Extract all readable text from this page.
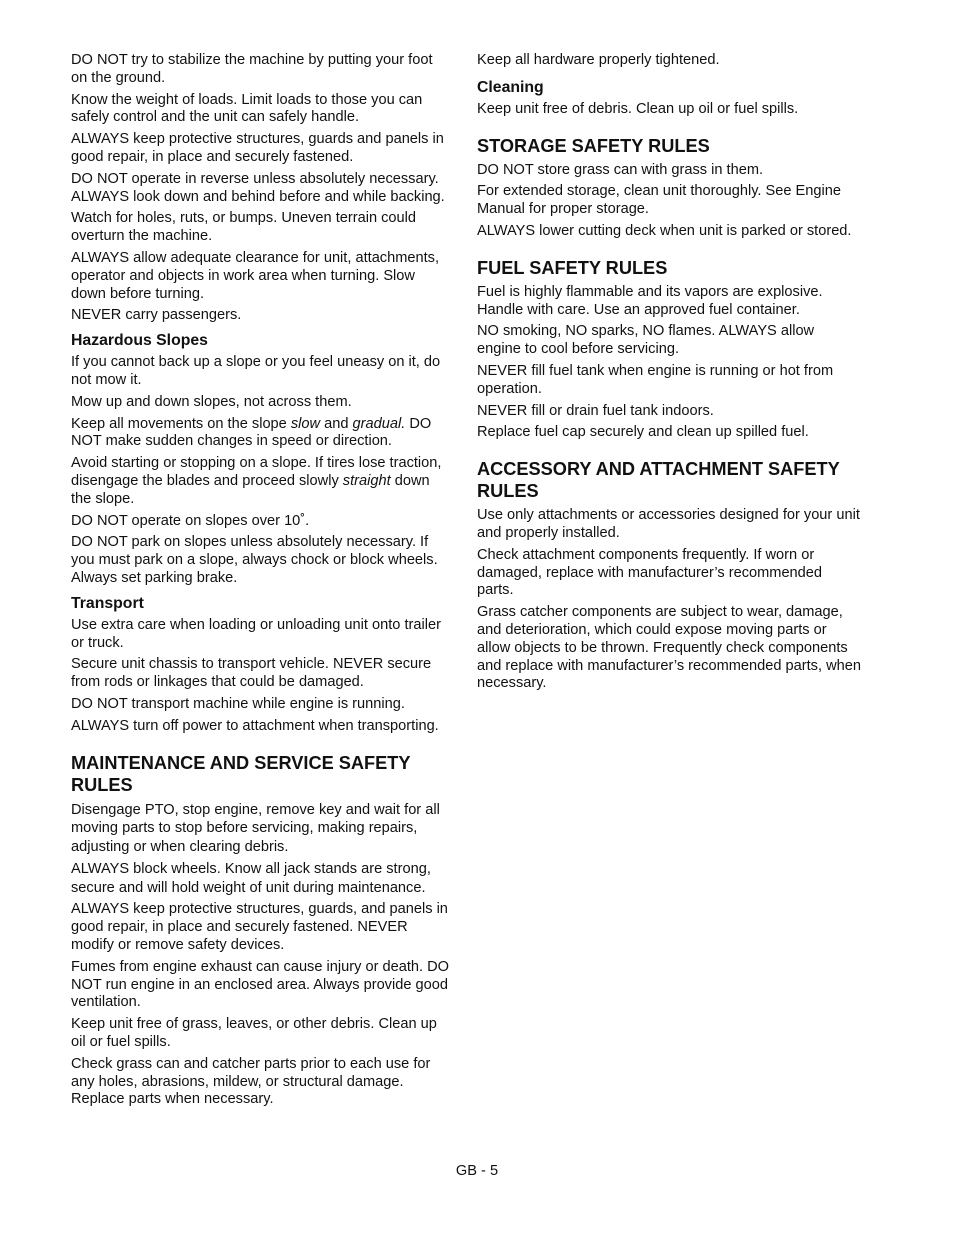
DO NOT try to stabilize the machine by putting your foot on the ground.

Know the weight of loads. Limit loads to those you can safely control and the unit can safely handle.

ALWAYS keep protective structures, guards and panels in good repair, in place and securely fastened.

DO NOT operate in reverse unless absolutely necessary. ALWAYS look down and behind before and while backing.

Watch for holes, ruts, or bumps. Uneven terrain could overturn the machine.

ALWAYS allow adequate clearance for unit, attachments, operator and objects in work area when turning. Slow down before turning.

NEVER carry passengers.

Hazardous Slopes

If you cannot back up a slope or you feel uneasy on it, do not mow it.

Mow up and down slopes, not across them.

Keep all movements on the slope slow and gradual. DO NOT make sudden changes in speed or direction.

Avoid starting or stopping on a slope. If tires lose traction, disengage the blades and proceed slowly straight down the slope.

DO NOT operate on slopes over 10˚.

DO NOT park on slopes unless absolutely necessary. If you must park on a slope, always chock or block wheels. Always set parking brake.

Transport

Use extra care when loading or unloading unit onto trailer or truck.

Secure unit chassis to transport vehicle. NEVER secure from rods or linkages that could be damaged.

DO NOT transport machine while engine is running.

ALWAYS turn off power to attachment when transporting.

MAINTENANCE AND SERVICE SAFETY RULES

Disengage PTO, stop engine, remove key and wait for all moving parts to stop before servicing, making repairs, adjusting or when clearing debris.

ALWAYS block wheels. Know all jack stands are strong, secure and will hold weight of unit during maintenance.

ALWAYS keep protective structures, guards, and panels in good repair, in place and securely fastened. NEVER modify or remove safety devices.

Fumes from engine exhaust can cause injury or death. DO NOT run engine in an enclosed area. Always provide good ventilation.

Keep unit free of grass, leaves, or other debris. Clean up oil or fuel spills.

Check grass can and catcher parts prior to each use for any holes, abrasions, mildew, or structural damage. Replace parts when necessary.

Keep all hardware properly tightened.

Cleaning

Keep unit free of debris. Clean up oil or fuel spills.

STORAGE SAFETY RULES

DO NOT store grass can with grass in them.

For extended storage, clean unit thoroughly. See Engine Manual for proper storage.

ALWAYS lower cutting deck when unit is parked or stored.

FUEL SAFETY RULES

Fuel is highly flammable and its vapors are explosive. Handle with care. Use an approved fuel container.

NO smoking, NO sparks, NO flames. ALWAYS allow engine to cool before servicing.

NEVER fill fuel tank when engine is running or hot from operation.

NEVER fill or drain fuel tank indoors.

Replace fuel cap securely and clean up spilled fuel.

ACCESSORY AND ATTACHMENT SAFETY RULES

Use only attachments or accessories designed for your unit and properly installed.

Check attachment components frequently. If worn or damaged, replace with manufacturer’s recommended parts.

Grass catcher components are subject to wear, damage, and deterioration, which could expose moving parts or allow objects to be thrown. Frequently check components and replace with manufacturer’s recommended parts, when necessary.

GB - 5
